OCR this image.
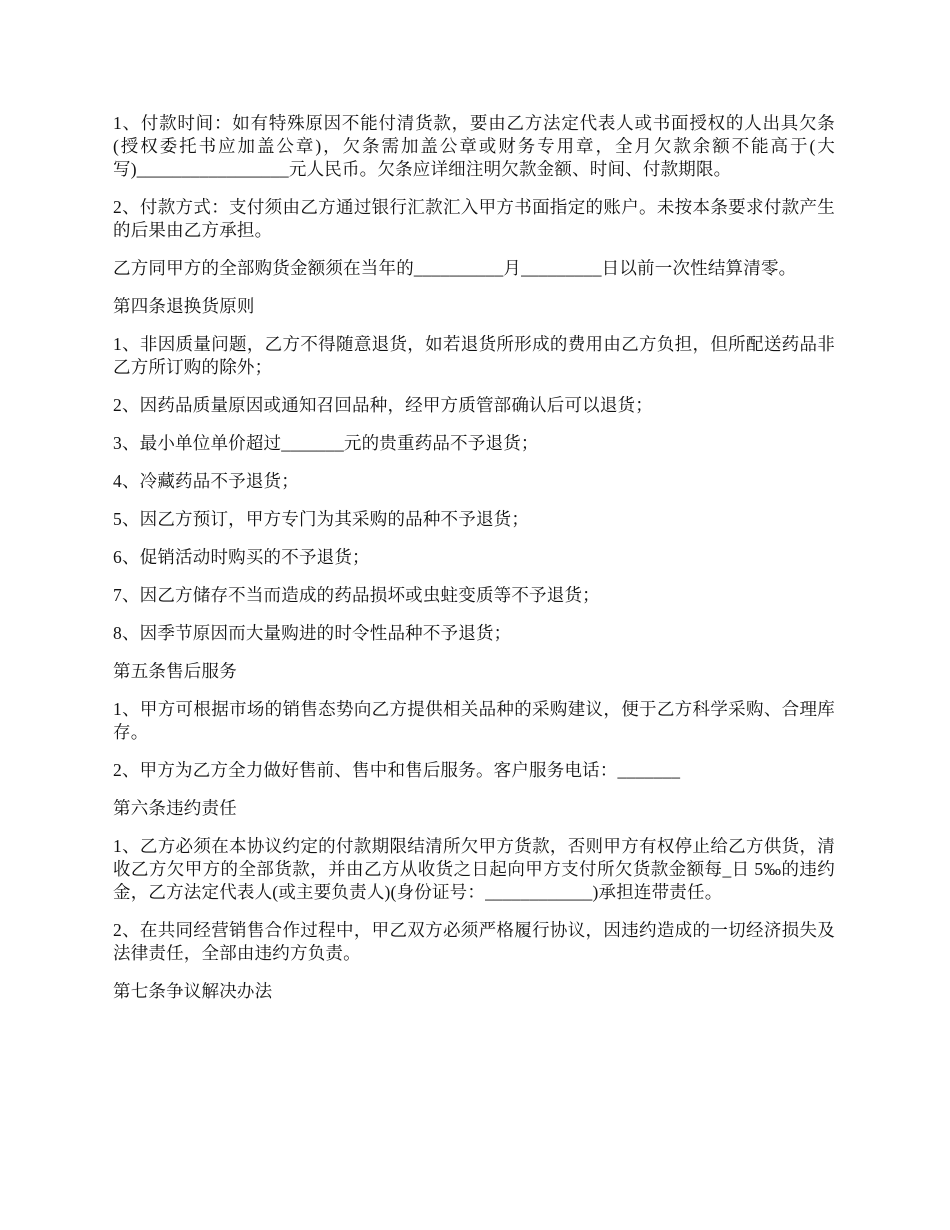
1、付款时间：如有特殊原因不能付清货款，要由乙方法定代表人或书面授权的人出具欠条(授权委托书应加盖公章)，欠条需加盖公章或财务专用章，全月欠款余额不能高于(大写)_________________元人民币。欠条应详细注明欠款金额、时间、付款期限。

2、付款方式：支付须由乙方通过银行汇款汇入甲方书面指定的账户。未按本条要求付款产生的后果由乙方承担。

乙方同甲方的全部购货金额须在当年的__________月_________日以前一次性结算清零。

第四条退换货原则

1、非因质量问题，乙方不得随意退货，如若退货所形成的费用由乙方负担，但所配送药品非乙方所订购的除外；

2、因药品质量原因或通知召回品种，经甲方质管部确认后可以退货；

3、最小单位单价超过_______元的贵重药品不予退货；

4、冷藏药品不予退货；

5、因乙方预订，甲方专门为其采购的品种不予退货；

6、促销活动时购买的不予退货；

7、因乙方储存不当而造成的药品损坏或虫蛀变质等不予退货；

8、因季节原因而大量购进的时令性品种不予退货；

第五条售后服务

1、甲方可根据市场的销售态势向乙方提供相关品种的采购建议，便于乙方科学采购、合理库存。

2、甲方为乙方全力做好售前、售中和售后服务。客户服务电话：_______

第六条违约责任

1、乙方必须在本协议约定的付款期限结清所欠甲方货款，否则甲方有权停止给乙方供货，清收乙方欠甲方的全部货款，并由乙方从收货之日起向甲方支付所欠货款金额每_日 5‰的违约金，乙方法定代表人(或主要负责人)(身份证号：____________)承担连带责任。

2、在共同经营销售合作过程中，甲乙双方必须严格履行协议，因违约造成的一切经济损失及法律责任，全部由违约方负责。

第七条争议解决办法
